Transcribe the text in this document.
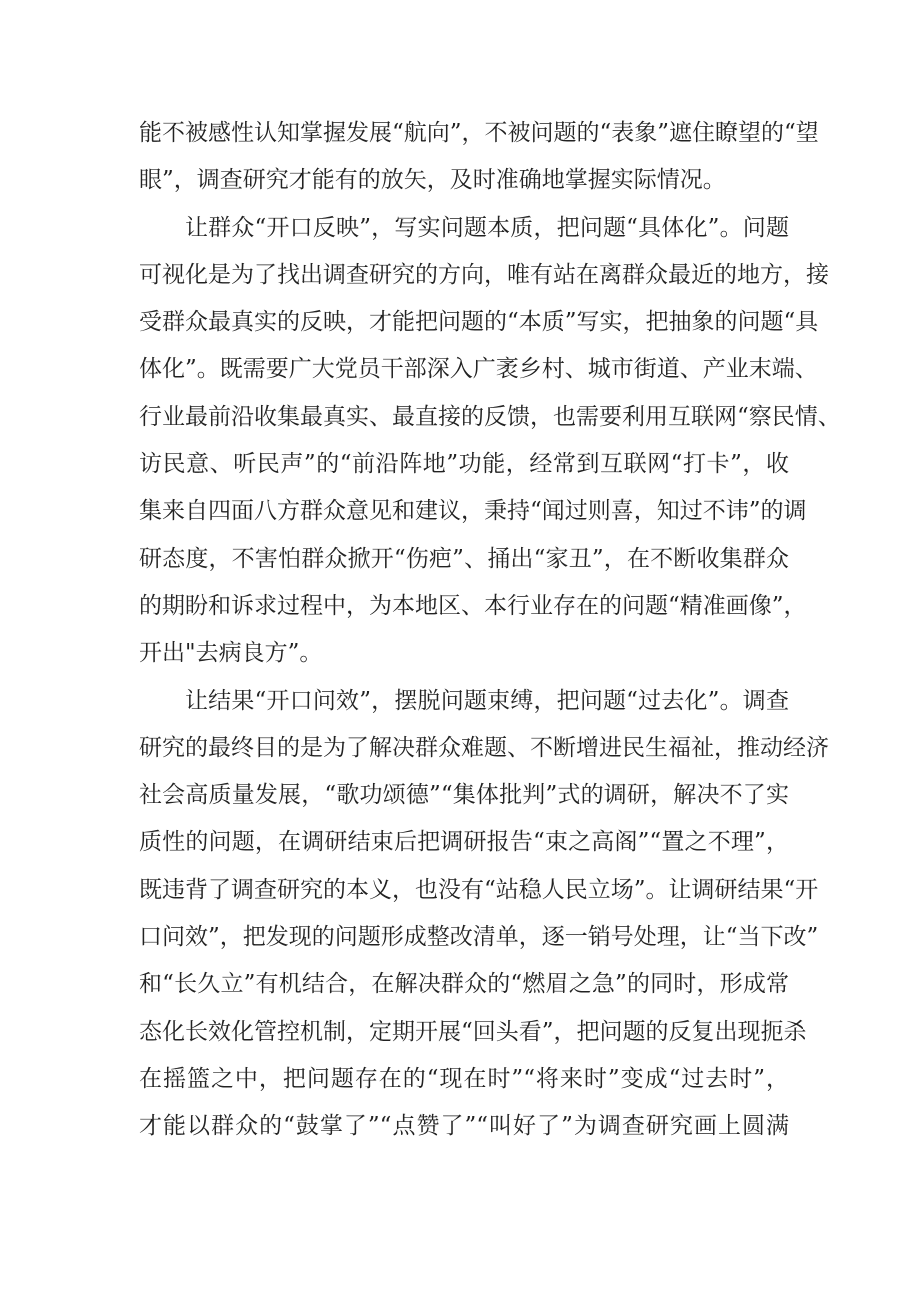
能不被感性认知掌握发展“航向”，不被问题的“表象”遮住瞭望的“望
眼”，调查研究才能有的放矢，及时准确地掌握实际情况。
让群众“开口反映”，写实问题本质，把问题“具体化”。问题
可视化是为了找出调查研究的方向，唯有站在离群众最近的地方，接
受群众最真实的反映，才能把问题的“本质”写实，把抽象的问题“具
体化”。既需要广大党员干部深入广袤乡村、城市街道、产业末端、
行业最前沿收集最真实、最直接的反馈，也需要利用互联网“察民情、
访民意、听民声”的“前沿阵地”功能，经常到互联网“打卡”，收
集来自四面八方群众意见和建议，秉持“闻过则喜，知过不讳”的调
研态度，不害怕群众掀开“伤疤”、捅出“家丑”，在不断收集群众
的期盼和诉求过程中，为本地区、本行业存在的问题“精准画像”，
开出"去病良方”。
让结果“开口问效”，摆脱问题束缚，把问题“过去化”。调查
研究的最终目的是为了解决群众难题、不断增进民生福祉，推动经济
社会高质量发展，“歌功颂德”“集体批判”式的调研，解决不了实
质性的问题，在调研结束后把调研报告“束之高阁”“置之不理”，
既违背了调查研究的本义，也没有“站稳人民立场”。让调研结果“开
口问效”，把发现的问题形成整改清单，逐一销号处理，让“当下改”
和“长久立”有机结合，在解决群众的“燃眉之急”的同时，形成常
态化长效化管控机制，定期开展“回头看”，把问题的反复出现扼杀
在摇篮之中，把问题存在的“现在时”“将来时”变成“过去时”，
才能以群众的“鼓掌了”“点赞了”“叫好了”为调查研究画上圆满
